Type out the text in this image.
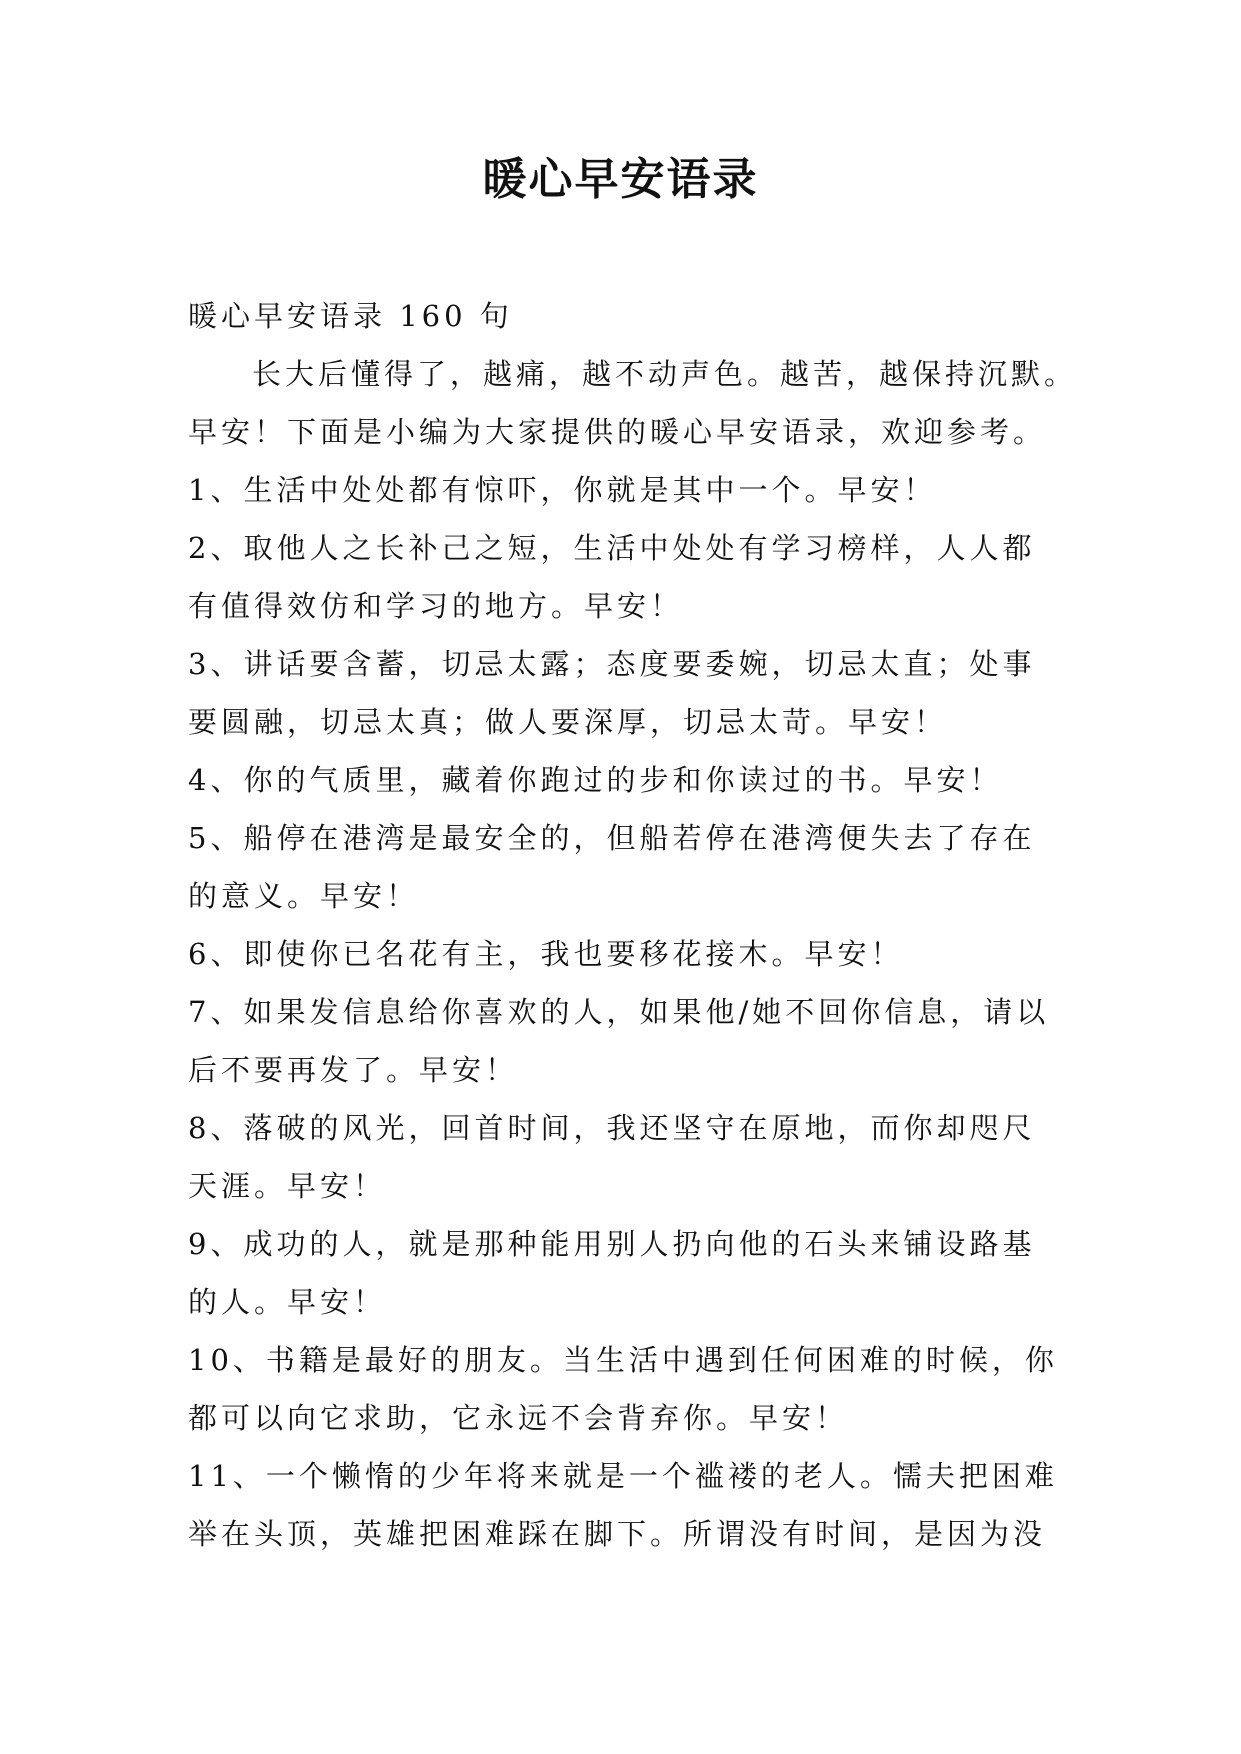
暖心早安语录
暖心早安语录 160 句
长大后懂得了，越痛，越不动声色。越苦，越保持沉默。
早安！下面是小编为大家提供的暖心早安语录，欢迎参考。
1、生活中处处都有惊吓，你就是其中一个。早安！
2、取他人之长补己之短，生活中处处有学习榜样，人人都
有值得效仿和学习的地方。早安！
3、讲话要含蓄，切忌太露；态度要委婉，切忌太直；处事
要圆融，切忌太真；做人要深厚，切忌太苛。早安！
4、你的气质里，藏着你跑过的步和你读过的书。早安！
5、船停在港湾是最安全的，但船若停在港湾便失去了存在
的意义。早安！
6、即使你已名花有主，我也要移花接木。早安！
7、如果发信息给你喜欢的人，如果他/她不回你信息，请以
后不要再发了。早安！
8、落破的风光，回首时间，我还坚守在原地，而你却咫尺
天涯。早安！
9、成功的人，就是那种能用别人扔向他的石头来铺设路基
的人。早安！
10、书籍是最好的朋友。当生活中遇到任何困难的时候，你
都可以向它求助，它永远不会背弃你。早安！
11、一个懒惰的少年将来就是一个褴褛的老人。懦夫把困难
举在头顶，英雄把困难踩在脚下。所谓没有时间，是因为没
